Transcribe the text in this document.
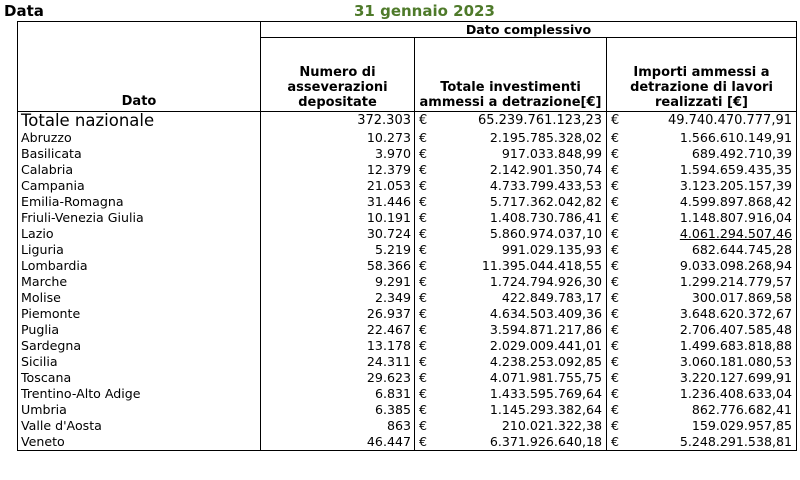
Data	31 gennaio 2023
Dato	Dato complessivo				
	Numero di asseverazioni depositate	Totale investimenti ammessi a detrazione[€]		Importi ammessi a detrazione di lavori realizzati [€]	
Totale nazionale	372.303	€	65.239.761.123,23	€	49.740.470.777,91
Abruzzo	10.273	€	2.195.785.328,02	€	1.566.610.149,91
Basilicata	3.970	€	917.033.848,99	€	689.492.710,39
Calabria	12.379	€	2.142.901.350,74	€	1.594.659.435,35
Campania	21.053	€	4.733.799.433,53	€	3.123.205.157,39
Emilia-Romagna	31.446	€	5.717.362.042,82	€	4.599.897.868,42
Friuli-Venezia Giulia	10.191	€	1.408.730.786,41	€	1.148.807.916,04
Lazio	30.724	€	5.860.974.037,10	€	4.061.294.507,46
Liguria	5.219	€	991.029.135,93	€	682.644.745,28
Lombardia	58.366	€	11.395.044.418,55	€	9.033.098.268,94
Marche	9.291	€	1.724.794.926,30	€	1.299.214.779,57
Molise	2.349	€	422.849.783,17	€	300.017.869,58
Piemonte	26.937	€	4.634.503.409,36	€	3.648.620.372,67
Puglia	22.467	€	3.594.871.217,86	€	2.706.407.585,48
Sardegna	13.178	€	2.029.009.441,01	€	1.499.683.818,88
Sicilia	24.311	€	4.238.253.092,85	€	3.060.181.080,53
Toscana	29.623	€	4.071.981.755,75	€	3.220.127.699,91
Trentino-Alto Adige	6.831	€	1.433.595.769,64	€	1.236.408.633,04
Umbria	6.385	€	1.145.293.382,64	€	862.776.682,41
Valle d'Aosta	863	€	210.021.322,38	€	159.029.957,85
Veneto	46.447	€	6.371.926.640,18	€	5.248.291.538,81
